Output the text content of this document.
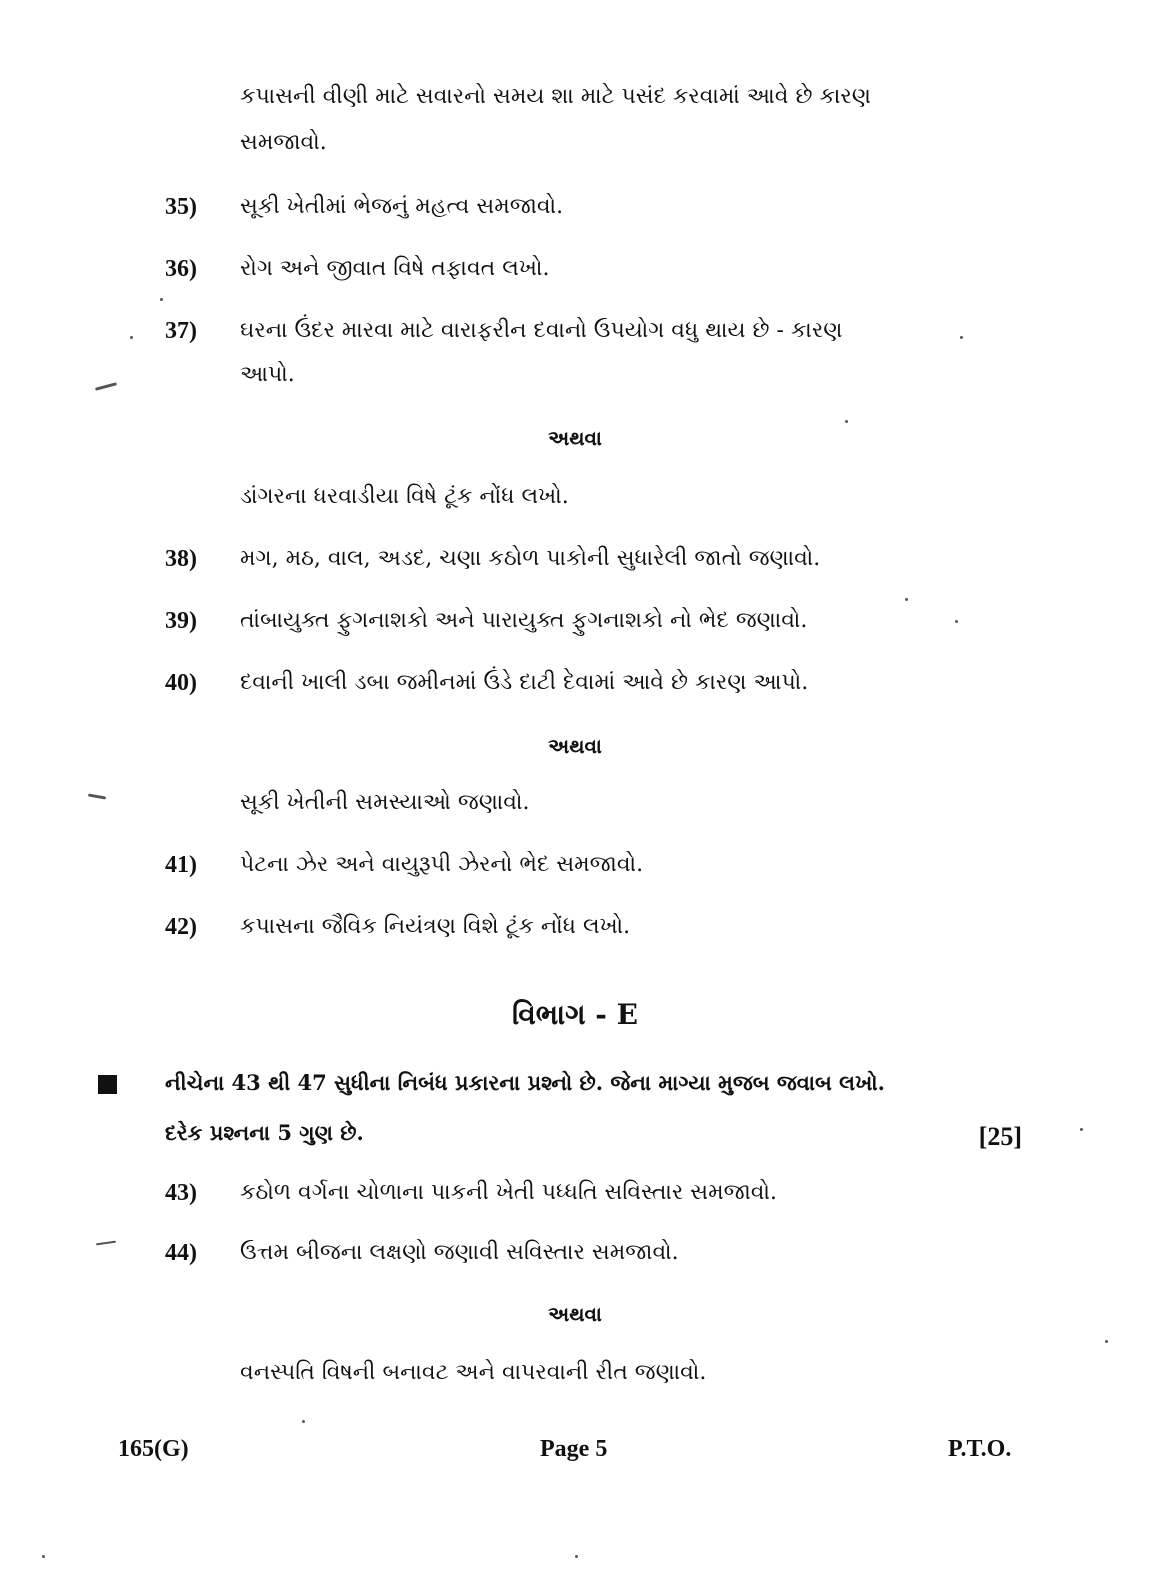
કપાસની વીણી માટે સવારનો સમય શા માટે પસંદ કરવામાં આવે છે કારણ
સમજાવો.
35) સૂકી ખેતીમાં ભેજનું મહત્વ સમજાવો.
36) રોગ અને જીવાત વિષે તફાવત લખો.
37) ઘરના ઉંદર મારવા માટે વારાફરીન દવાનો ઉપયોગ વધુ થાય છે - કારણ
આપો.
અથવા
ડાંગરના ધરવાડીયા વિષે ટૂંક નોંધ લખો.
38) મગ, મઠ, વાલ, અડદ, ચણા કઠોળ પાકોની સુધારેલી જાતો જણાવો.
39) તાંબાયુક્ત ફુગનાશકો અને પારાયુક્ત ફુગનાશકો નો ભેદ જણાવો.
40) દવાની ખાલી ડબા જમીનમાં ઉંડે દાટી દેવામાં આવે છે કારણ આપો.
અથવા
સૂકી ખેતીની સમસ્યાઓ જણાવો.
41) પેટના ઝેર અને વાયુરૂપી ઝેરનો ભેદ સમજાવો.
42) કપાસના જૈવિક નિયંત્રણ વિશે ટૂંક નોંધ લખો.
વિભાગ - E
નીચેના 43 થી 47 સુધીના નિબંધ પ્રકારના પ્રશ્નો છે. જેના માગ્યા મુજબ જવાબ લખો.
દરેક પ્રશ્નના 5 ગુણ છે.	[25]
43) કઠોળ વર્ગના ચોળાના પાકની ખેતી પધ્ધતિ સવિસ્તાર સમજાવો.
44) ઉત્તમ બીજના લક્ષણો જણાવી સવિસ્તાર સમજાવો.
અથવા
વનસ્પતિ વિષની બનાવટ અને વાપરવાની રીત જણાવો.
165(G)	Page 5	P.T.O.
